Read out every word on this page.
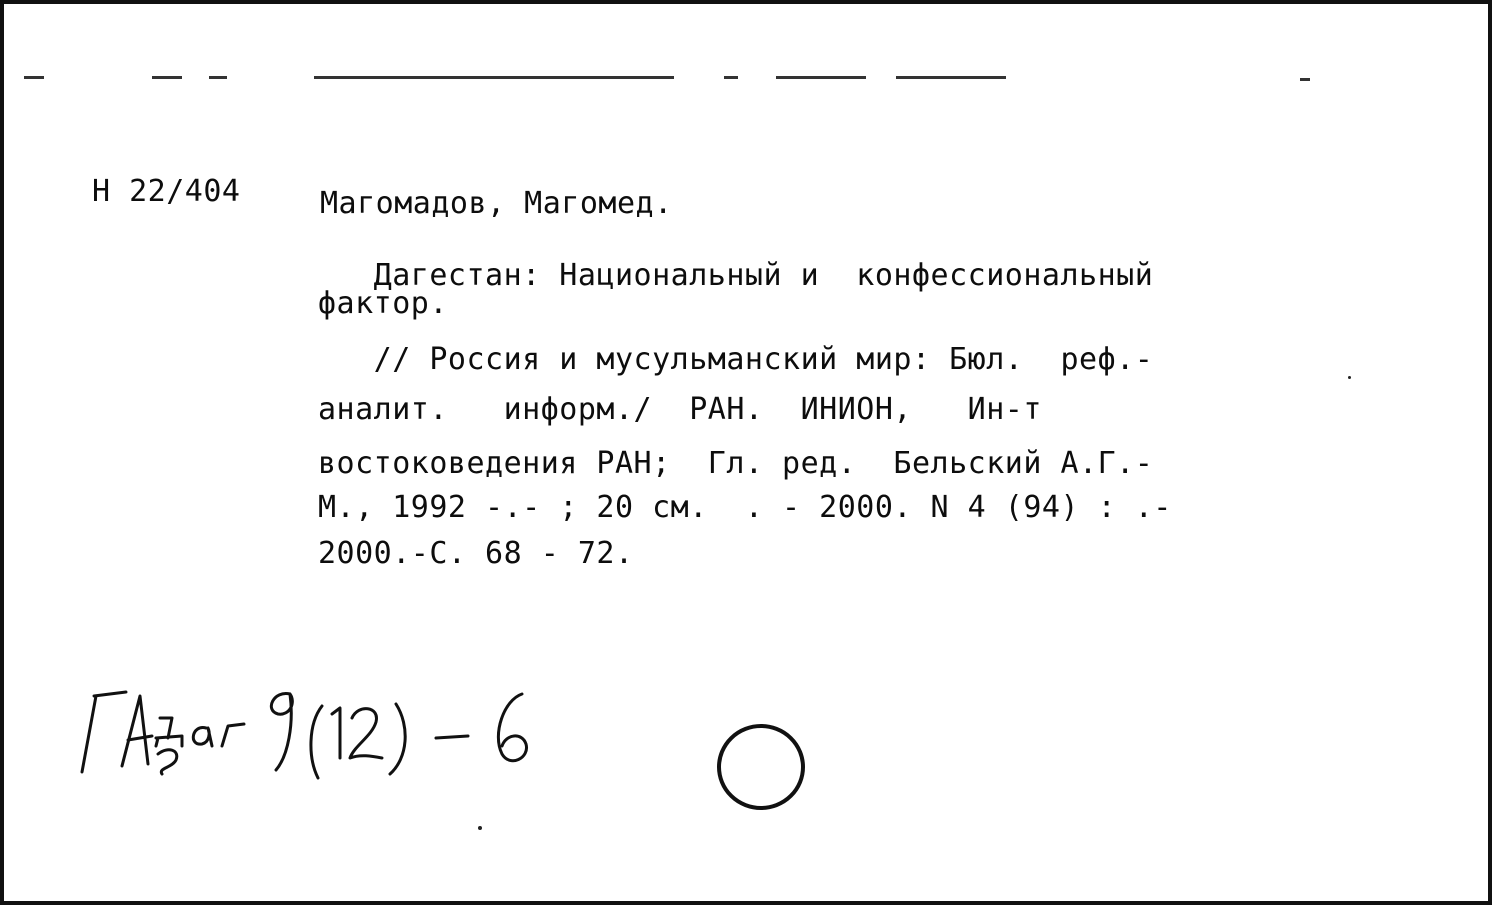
Н 22/404	Магомадов, Магомед.
Дагестан: Национальный и  конфессиональный
фактор.
// Россия и мусульманский мир: Бюл.  реф.-
аналит.   информ./  РАН.  ИНИОН,   Ин-т
востоковедения РАН;  Гл. ред.  Бельский А.Г.-
М., 1992 -.- ; 20 см.  . - 2000. N 4 (94) : .-
2000.-С. 68 - 72.
